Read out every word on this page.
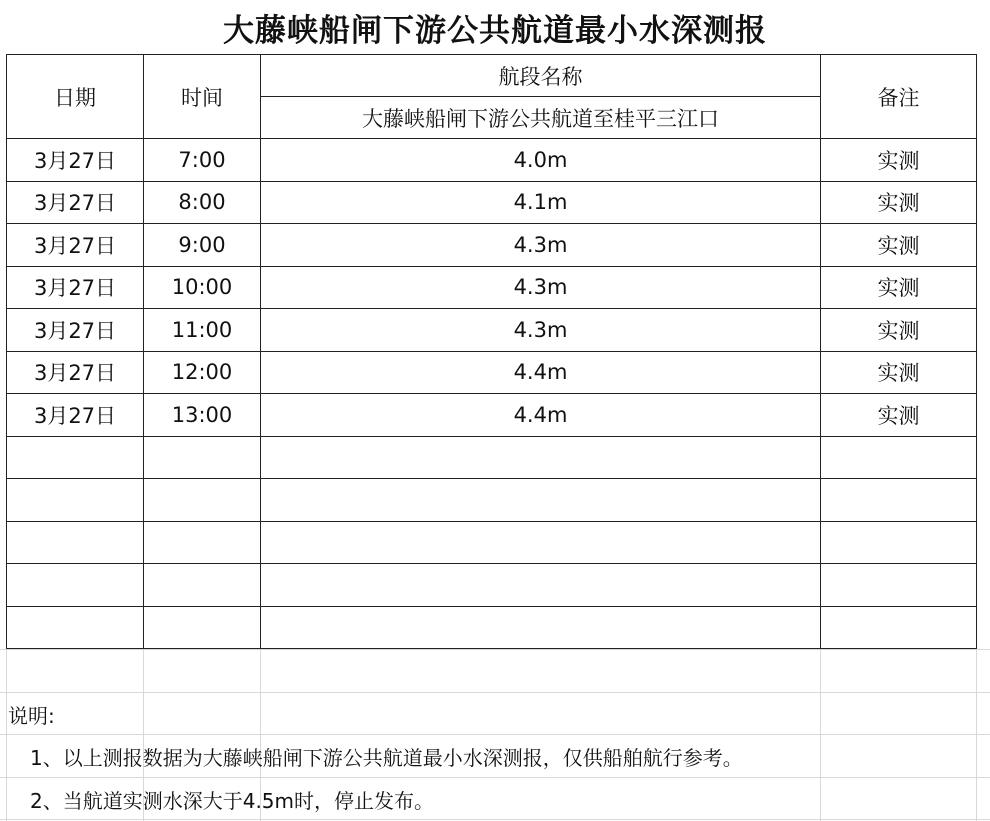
大藤峡船闸下游公共航道最小水深测报
日期	时间	航段名称	备注
		大藤峡船闸下游公共航道至桂平三江口	
3月27日	7:00	4.0m	实测
3月27日	8:00	4.1m	实测
3月27日	9:00	4.3m	实测
3月27日	10:00	4.3m	实测
3月27日	11:00	4.3m	实测
3月27日	12:00	4.4m	实测
3月27日	13:00	4.4m	实测

说明:
1、以上测报数据为大藤峡船闸下游公共航道最小水深测报，仅供船舶航行参考。
2、当航道实测水深大于4.5m时，停止发布。
